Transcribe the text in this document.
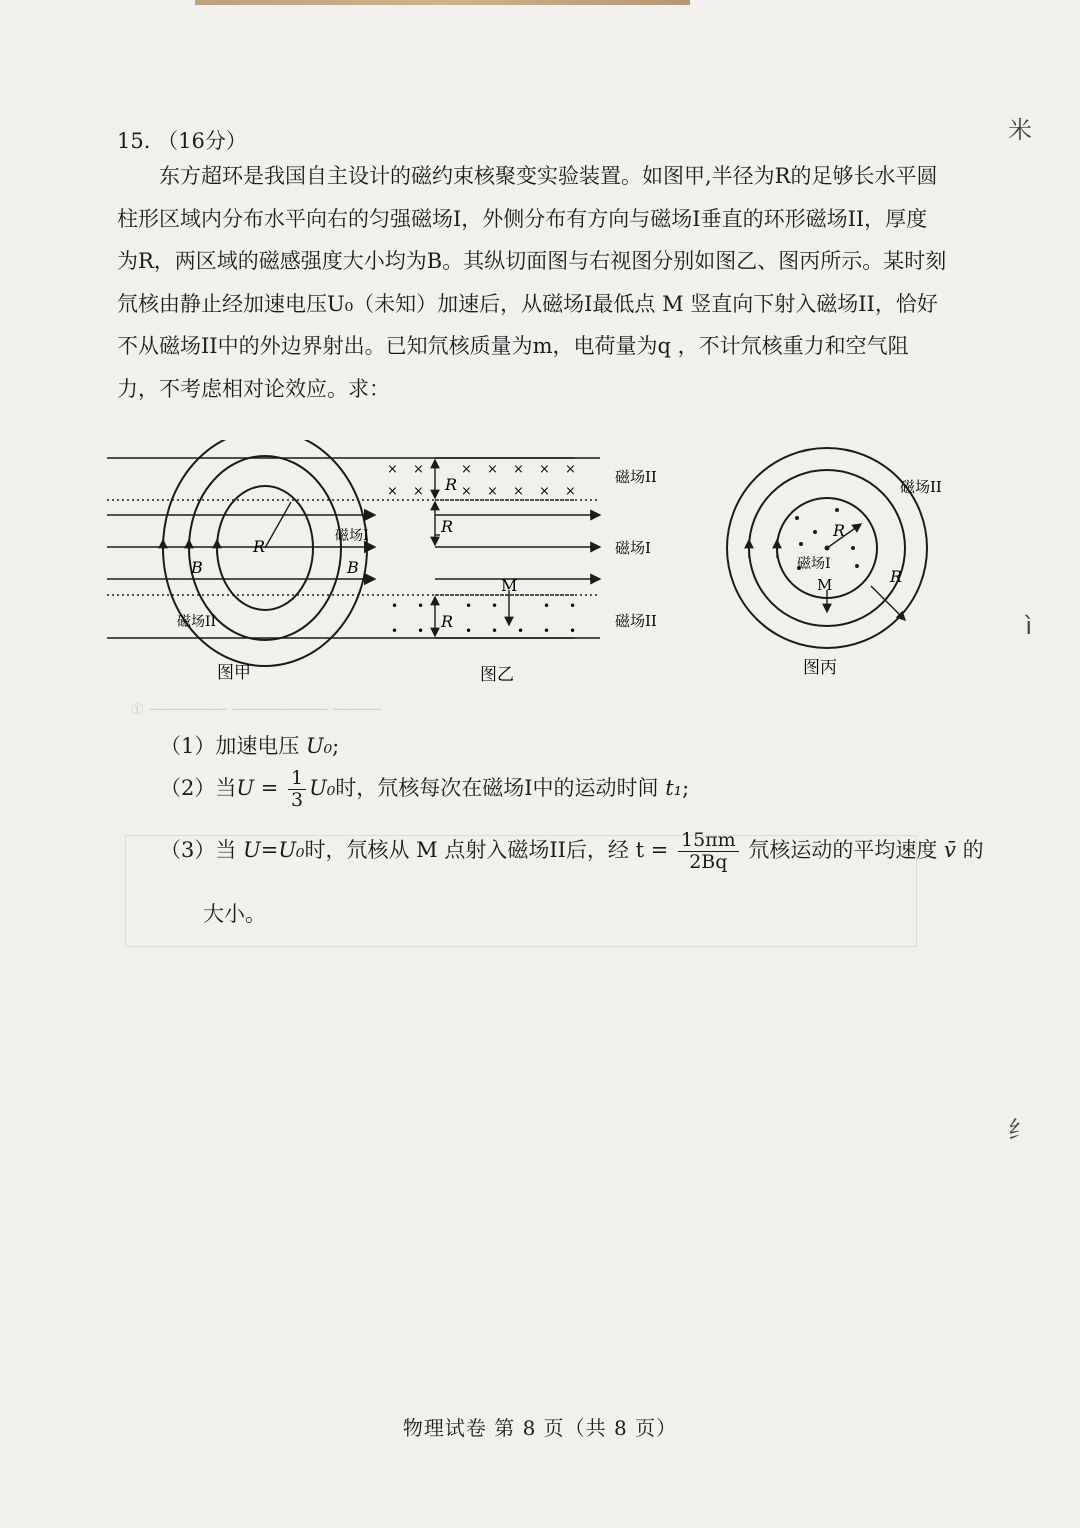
① ──────── ────────── ─────
米
ì
纟
15. （16分）
东方超环是我国自主设计的磁约束核聚变实验装置。如图甲,半径为R的足够长水平圆柱形区域内分布水平向右的匀强磁场I，外侧分布有方向与磁场I垂直的环形磁场II，厚度为R，两区域的磁感强度大小均为B。其纵切面图与右视图分别如图乙、图丙所示。某时刻氘核由静止经加速电压U₀（未知）加速后，从磁场I最低点 M 竖直向下射入磁场II，恰好不从磁场II中的外边界射出。已知氘核质量为m，电荷量为q ，不计氘核重力和空气阻力，不考虑相对论效应。求：
R
磁场I
B	B
磁场II
图甲
× ×	× × × × ×
× ×	× × × × ×
• •	• •	• •
• •	• • • • •
R
R
R
M
磁场II
磁场I
磁场II
图乙
磁场II
磁场I
R
R
M
图丙
（1）加速电压 U₀;
（2）当$U = \frac{1}{3} U_0$时，氘核每次在磁场I中的运动时间 t₁;
（3）当 U=U₀时，氘核从 M 点射入磁场II后，经 $t = \frac{15\pi m}{2Bq}$ 氘核运动的平均速度 v̄ 的
大小。
物理试卷 第 8 页（共 8 页）
